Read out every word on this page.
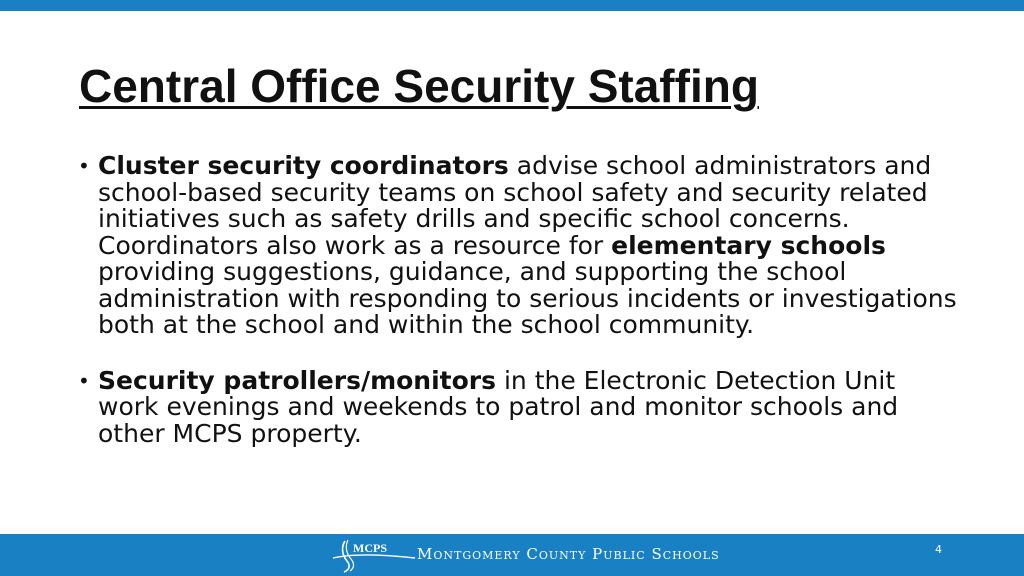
Central Office Security Staffing
• Cluster security coordinators advise school administrators and school-based security teams on school safety and security related initiatives such as safety drills and specific school concerns. Coordinators also work as a resource for elementary schools providing suggestions, guidance, and supporting the school administration with responding to serious incidents or investigations both at the school and within the school community.
• Security patrollers/monitors in the Electronic Detection Unit work evenings and weekends to patrol and monitor schools and other MCPS property.
MCPS Montgomery County Public Schools	4
